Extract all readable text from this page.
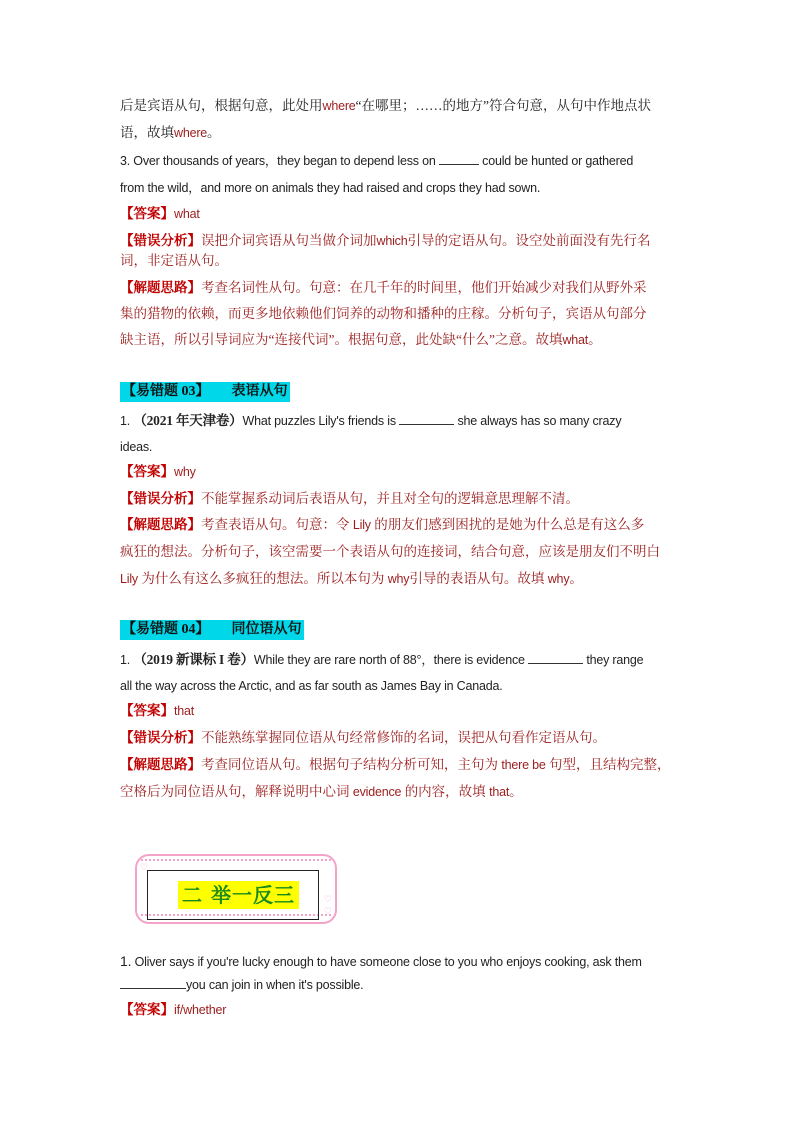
后是宾语从句，根据句意，此处用where“在哪里；……的地方”符合句意，从句中作地点状
语，故填where。
3. Over thousands of years，they began to depend less on	could be hunted or gathered
from the wild，and more on animals they had raised and crops they had sown.
【答案】what
【错误分析】误把介词宾语从句当做介词加which引导的定语从句。设空处前面没有先行名
词，非定语从句。
【解题思路】考查名词性从句。句意：在几千年的时间里，他们开始减少对我们从野外采
集的猎物的依赖，而更多地依赖他们饲养的动物和播种的庄稼。分析句子，宾语从句部分
缺主语，所以引导词应为“连接代词”。根据句意，此处缺“什么”之意。故填what。
【易错题 03】 表语从句
1. （2021 年天津卷）What puzzles Lily's friends is	she always has so many crazy
ideas.
【答案】why
【错误分析】不能掌握系动词后表语从句，并且对全句的逻辑意思理解不清。
【解题思路】考查表语从句。句意：令 Lily 的朋友们感到困扰的是她为什么总是有这么多
疯狂的想法。分析句子，该空需要一个表语从句的连接词，结合句意，应该是朋友们不明白
Lily 为什么有这么多疯狂的想法。所以本句为 why引导的表语从句。故填 why。
【易错题 04】 同位语从句
1. （2019 新课标 I 卷）While they are rare north of 88°，there is evidence	they range
all the way across the Arctic, and as far south as James Bay in Canada.
【答案】that
【错误分析】不能熟练掌握同位语从句经常修饰的名词，误把从句看作定语从句。
【解题思路】考查同位语从句。根据句子结构分析可知，主句为 there be 句型，且结构完整，
空格后为同位语从句，解释说明中心词 evidence 的内容，故填 that。
♡
♡
♡
二 举一反三
1. Oliver says if you're lucky enough to have someone close to you who enjoys cooking, ask them
you can join in when it's possible.
【答案】if/whether
